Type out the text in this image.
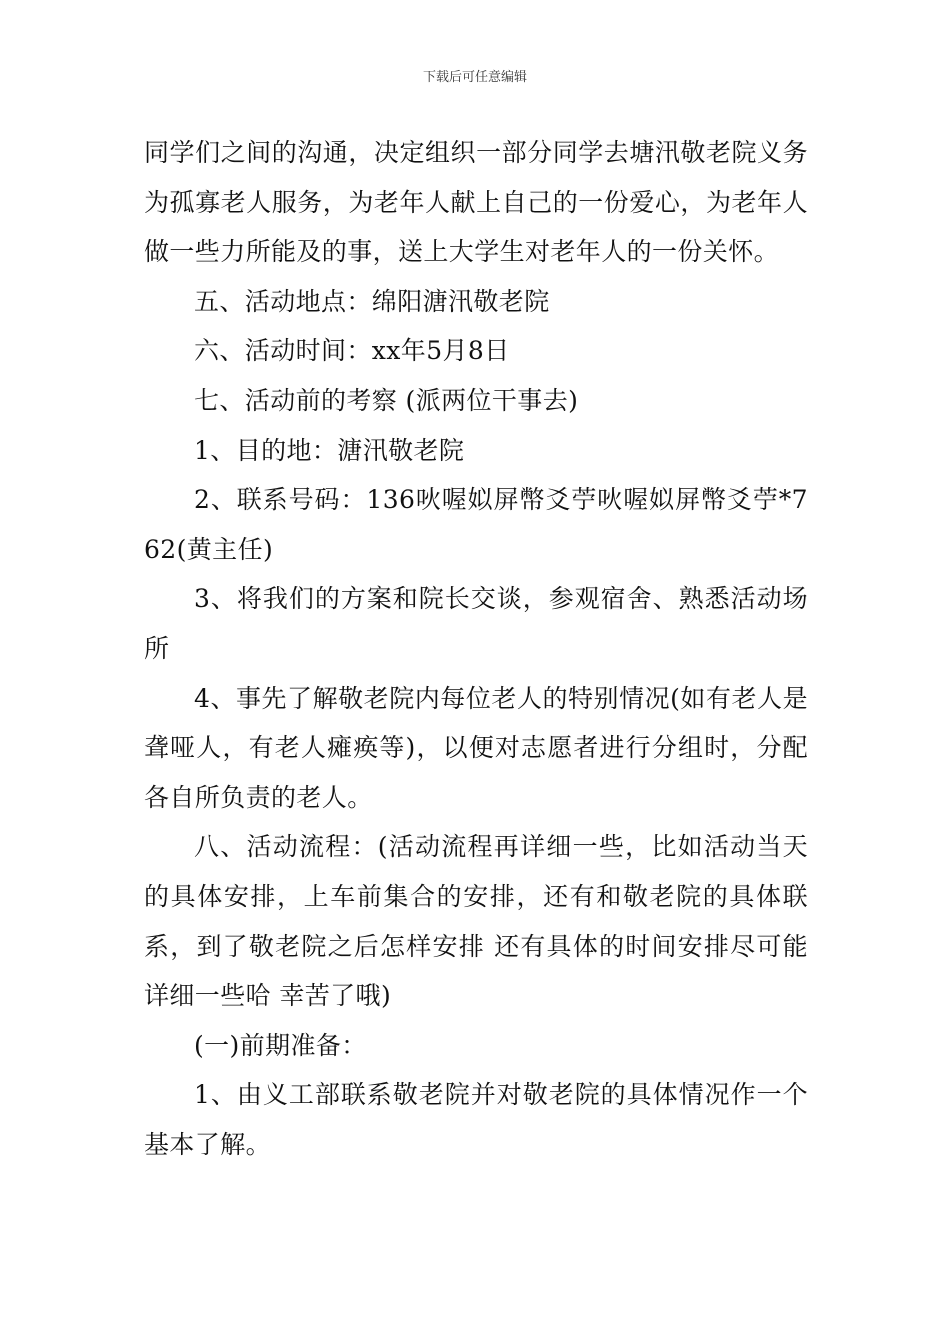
下载后可任意编辑

同学们之间的沟通，决定组织一部分同学去塘汛敬老院义务为孤寡老人服务，为老年人献上自己的一份爱心，为老年人做一些力所能及的事，送上大学生对老年人的一份关怀。

五、活动地点：绵阳溏汛敬老院

六、活动时间：xx年5月8日

七、活动前的考察 (派两位干事去)

1、目的地：溏汛敬老院

2、联系号码：136吙喔姒屏幣爻苧吙喔姒屏幣爻苧*762(黄主任)

3、将我们的方案和院长交谈，参观宿舍、熟悉活动场所

4、事先了解敬老院内每位老人的特别情况(如有老人是聋哑人，有老人瘫痪等)，以便对志愿者进行分组时，分配各自所负责的老人。

八、活动流程：(活动流程再详细一些，比如活动当天的具体安排，上车前集合的安排，还有和敬老院的具体联系，到了敬老院之后怎样安排 还有具体的时间安排尽可能详细一些哈 幸苦了哦)

(一)前期准备：

1、由义工部联系敬老院并对敬老院的具体情况作一个基本了解。
